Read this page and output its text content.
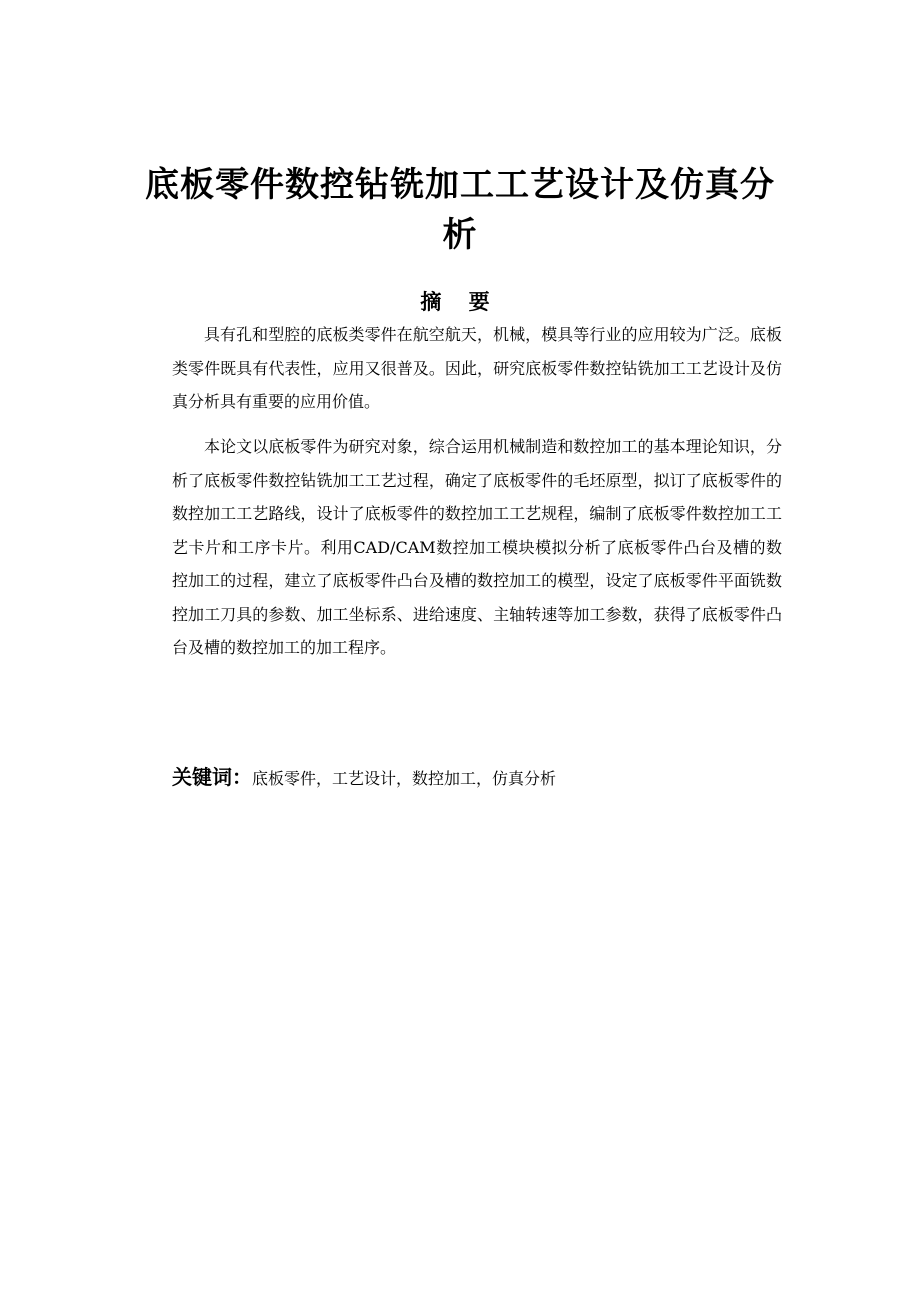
底板零件数控钻铣加工工艺设计及仿真分析
摘 要

具有孔和型腔的底板类零件在航空航天，机械，模具等行业的应用较为广泛。底板类零件既具有代表性，应用又很普及。因此，研究底板零件数控钻铣加工工艺设计及仿真分析具有重要的应用价值。

本论文以底板零件为研究对象，综合运用机械制造和数控加工的基本理论知识，分析了底板零件数控钻铣加工工艺过程，确定了底板零件的毛坯原型，拟订了底板零件的数控加工工艺路线，设计了底板零件的数控加工工艺规程，编制了底板零件数控加工工艺卡片和工序卡片。利用CAD/CAM数控加工模块模拟分析了底板零件凸台及槽的数控加工的过程，建立了底板零件凸台及槽的数控加工的模型，设定了底板零件平面铣数控加工刀具的参数、加工坐标系、进给速度、主轴转速等加工参数，获得了底板零件凸台及槽的数控加工的加工程序。

关键词：底板零件，工艺设计，数控加工，仿真分析
